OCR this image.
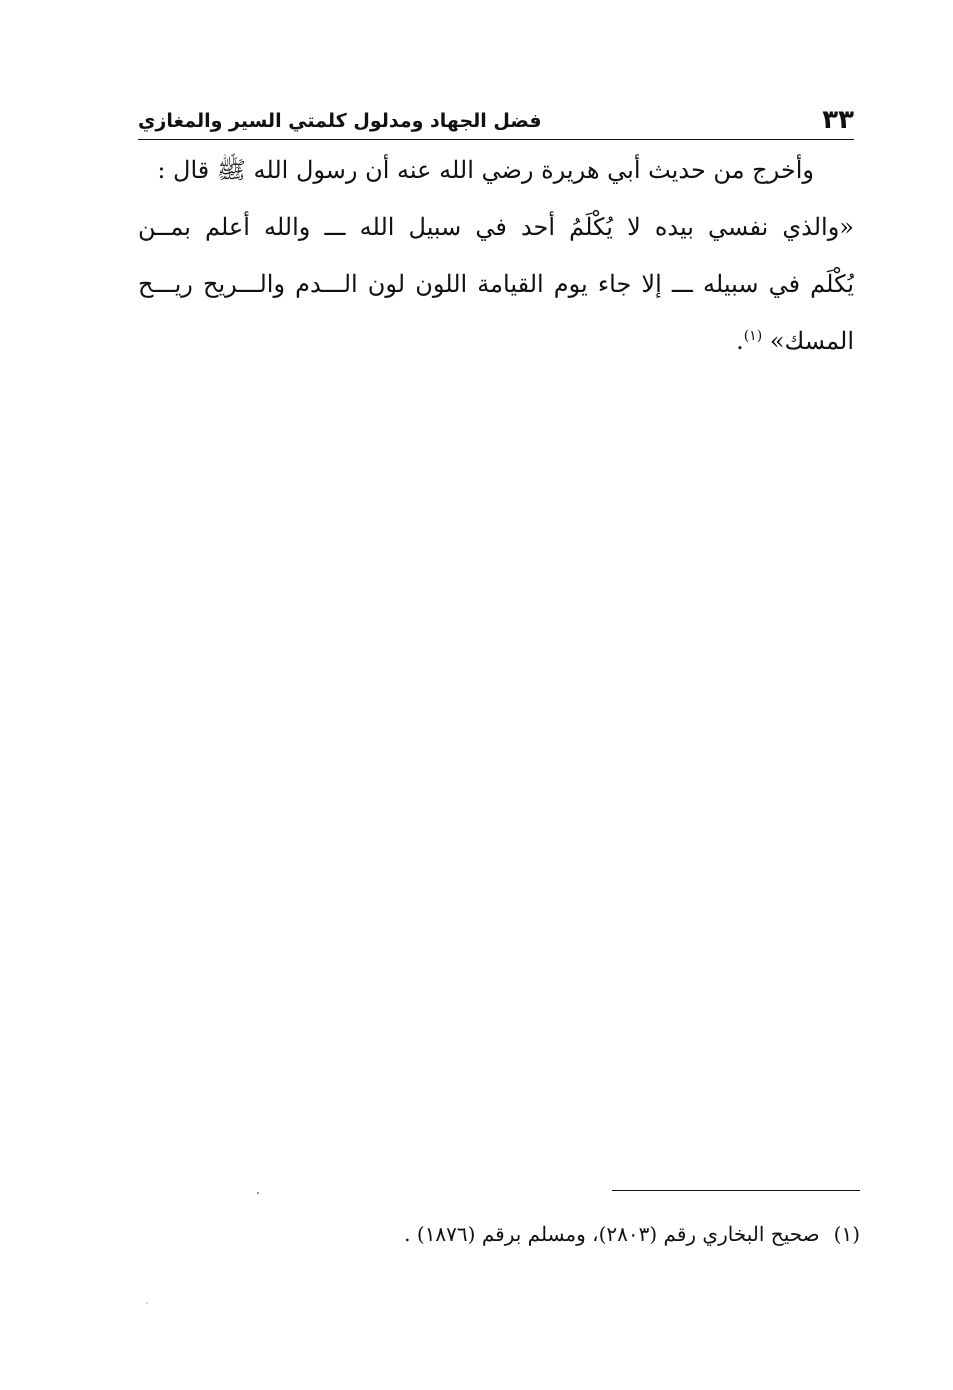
٣٣
فضل الجهاد ومدلول كلمتي السير والمغازي
وأخرج من حديث أبي هريرة رضي الله عنه أن رسول الله ﷺ قال :
«والذي نفسي بيده لا يُكْلَمُ أحد في سبيل الله ـــ والله أعلم بمــن
يُكْلَم في سبيله ـــ إلا جاء يوم القيامة اللون لون الـــدم والـــريح ريـــح
المسك» $^{(١)}$.
(١)صحيح البخاري رقم (٢٨٠٣)، ومسلم برقم (١٨٧٦) .
